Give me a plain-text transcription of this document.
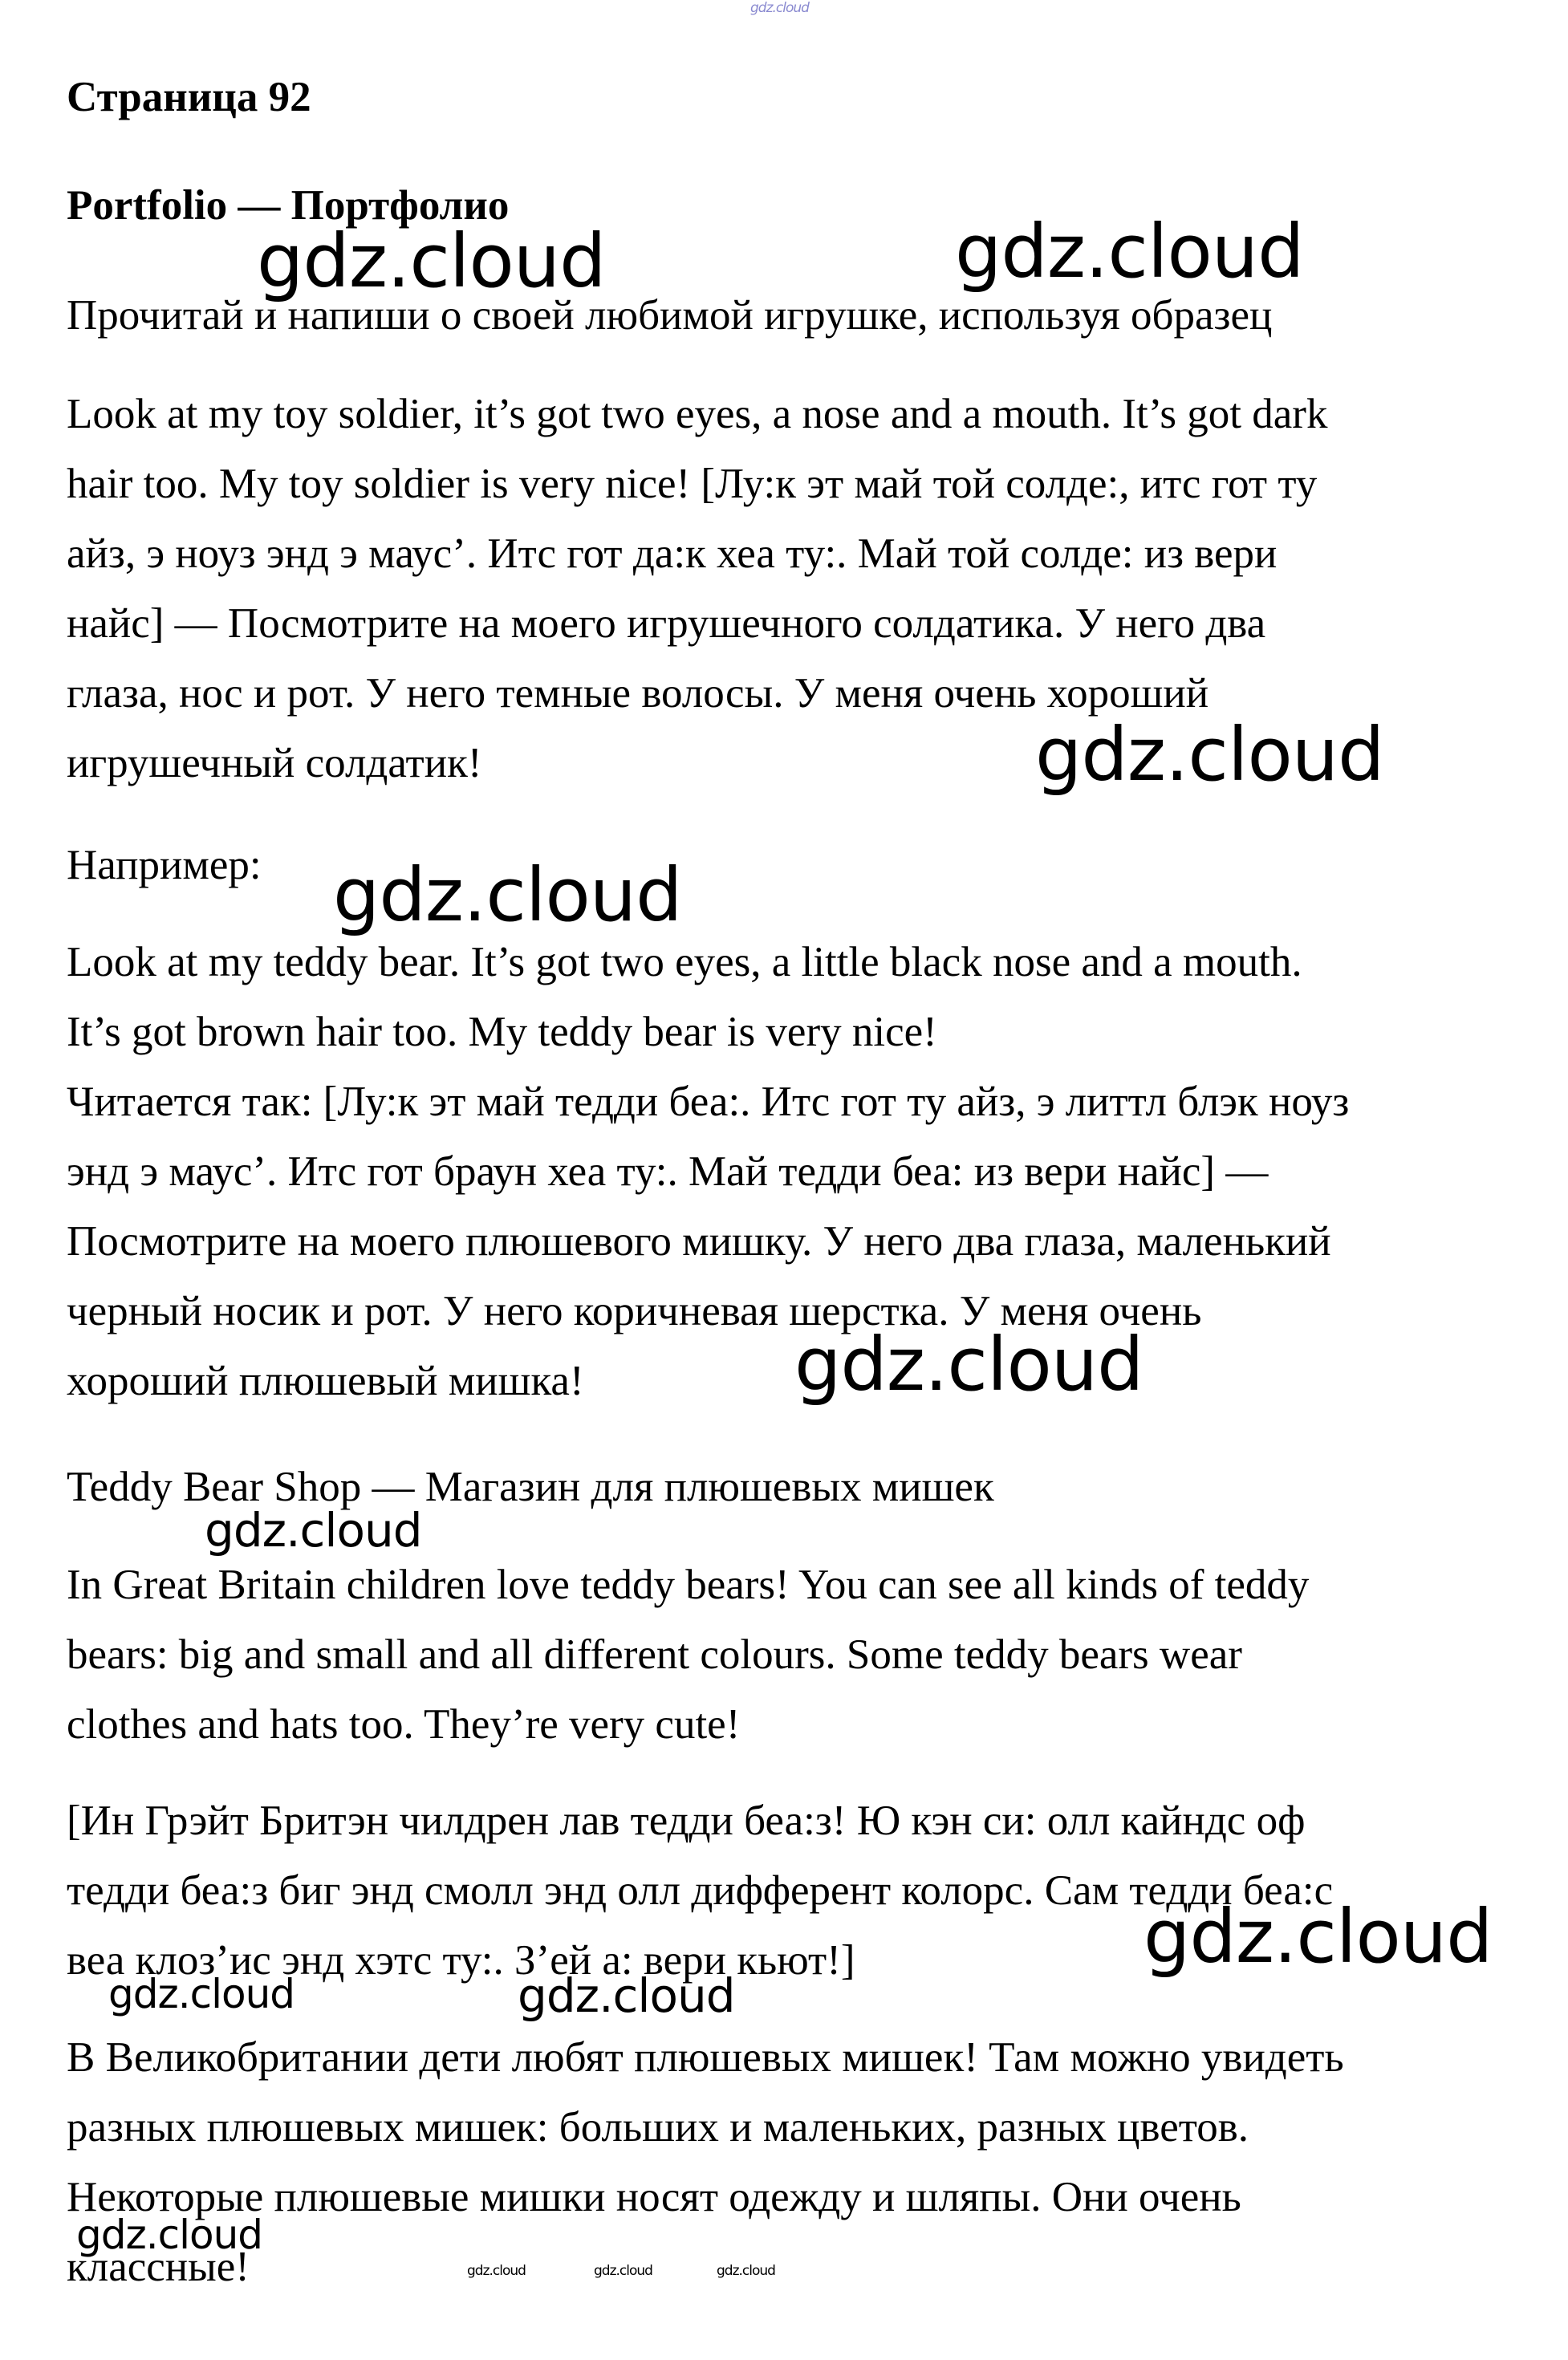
gdz.cloud
Страница 92
Portfolio — Портфолио
Прочитай и напиши о своей любимой игрушке, используя образец
Look at my toy soldier, it’s got two eyes, a nose and a mouth. It’s got dark
hair too. My toy soldier is very nice! [Лу:к эт май той солде:, итс гот ту
айз, э ноуз энд э маус’. Итс гот да:к хеа ту:. Май той солде: из вери
найс] — Посмотрите на моего игрушечного солдатика. У него два
глаза, нос и рот. У него темные волосы. У меня очень хороший
игрушечный солдатик!
Например:
Look at my teddy bear. It’s got two eyes, a little black nose and a mouth.
It’s got brown hair too. My teddy bear is very nice!
Читается так: [Лу:к эт май тедди беа:. Итс гот ту айз, э литтл блэк ноуз
энд э маус’. Итс гот браун хеа ту:. Май тедди беа: из вери найс] —
Посмотрите на моего плюшевого мишку. У него два глаза, маленький
черный носик и рот. У него коричневая шерстка. У меня очень
хороший плюшевый мишка!
Teddy Bear Shop — Магазин для плюшевых мишек
In Great Britain children love teddy bears! You can see all kinds of teddy
bears: big and small and all different colours. Some teddy bears wear
clothes and hats too. They’re very cute!
[Ин Грэйт Бритэн чилдрен лав тедди беа:з! Ю кэн си: олл кайндс оф
тедди беа:з биг энд смолл энд олл дифферент колорс. Сам тедди беа:с
веа клоз’ис энд хэтс ту:. З’ей а: вери кьют!]
В Великобритании дети любят плюшевых мишек! Там можно увидеть
разных плюшевых мишек: больших и маленьких, разных цветов.
Некоторые плюшевые мишки носят одежду и шляпы. Они очень
классные!
gdz.cloud	gdz.cloud
gdz.cloud
gdz.cloud
gdz.cloud
gdz.cloud
gdz.cloud
gdz.cloud	gdz.cloud
gdz.cloud
gdz.cloud	gdz.cloud	gdz.cloud
